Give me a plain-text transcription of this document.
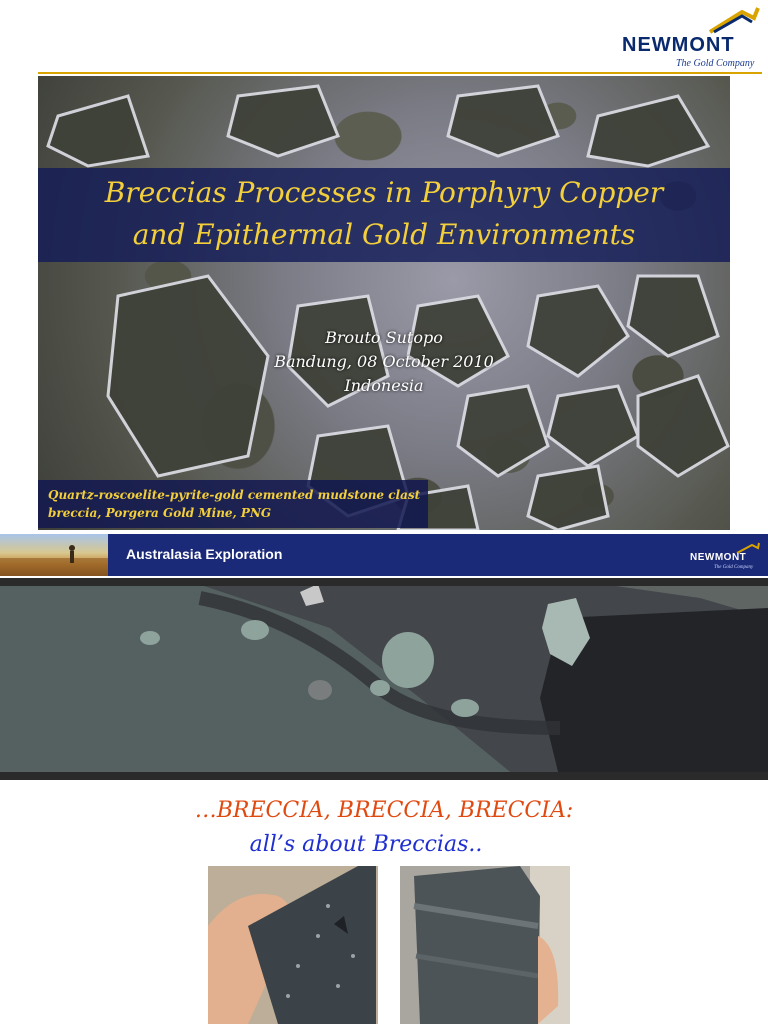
NEWMONT
The Gold Company
Breccias Processes in Porphyry Copper
and Epithermal Gold Environments
Brouto Sutopo
Bandung, 08 October 2010
Indonesia
Quartz-roscoelite-pyrite-gold cemented mudstone clast
breccia, Porgera Gold Mine, PNG
Australasia Exploration	NEWMONT
The Gold Company
…BRECCIA, BRECCIA, BRECCIA:
all’s about Breccias..
